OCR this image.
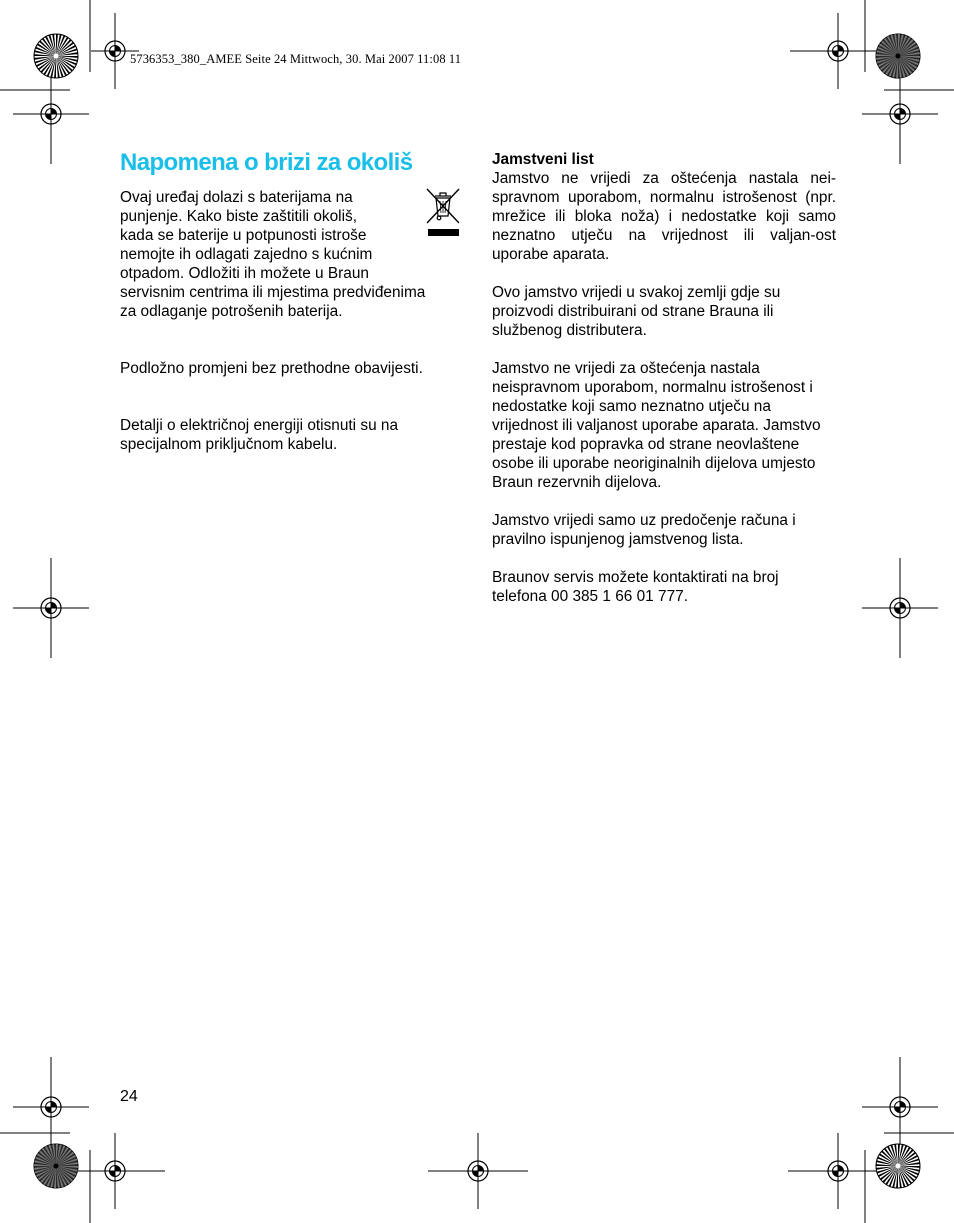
5736353_380_AMEE Seite 24 Mittwoch, 30. Mai 2007 11:08 11
Napomena o brizi za okoliš
Ovaj uređaj dolazi s baterijama na
punjenje. Kako biste zaštitili okoliš,
kada se baterije u potpunosti istroše
nemojte ih odlagati zajedno s kućnim
otpadom. Odložiti ih možete u Braun
servisnim centrima ili mjestima predviđenima
za odlaganje potrošenih baterija.

Podložno promjeni bez prethodne obavijesti.

Detalji o električnoj energiji otisnuti su na specijalnom priključnom kabelu.

Jamstveni list

Jamstvo ne vrijedi za oštećenja nastala nei-spravnom uporabom, normalnu istrošenost (npr. mrežice ili bloka noža) i nedostatke koji samo neznatno utječu na vrijednost ili valjan-ost uporabe aparata.

Ovo jamstvo vrijedi u svakoj zemlji gdje su proizvodi distribuirani od strane Brauna ili službenog distributera.

Jamstvo ne vrijedi za oštećenja nastala neispravnom uporabom, normalnu istrošenost i nedostatke koji samo neznatno utječu na vrijednost ili valjanost uporabe aparata. Jamstvo prestaje kod popravka od strane neovlaštene osobe ili uporabe neoriginalnih dijelova umjesto Braun rezervnih dijelova.

Jamstvo vrijedi samo uz predočenje računa i pravilno ispunjenog jamstvenog lista.

Braunov servis možete kontaktirati na broj telefona 00 385 1 66 01 777.

24
